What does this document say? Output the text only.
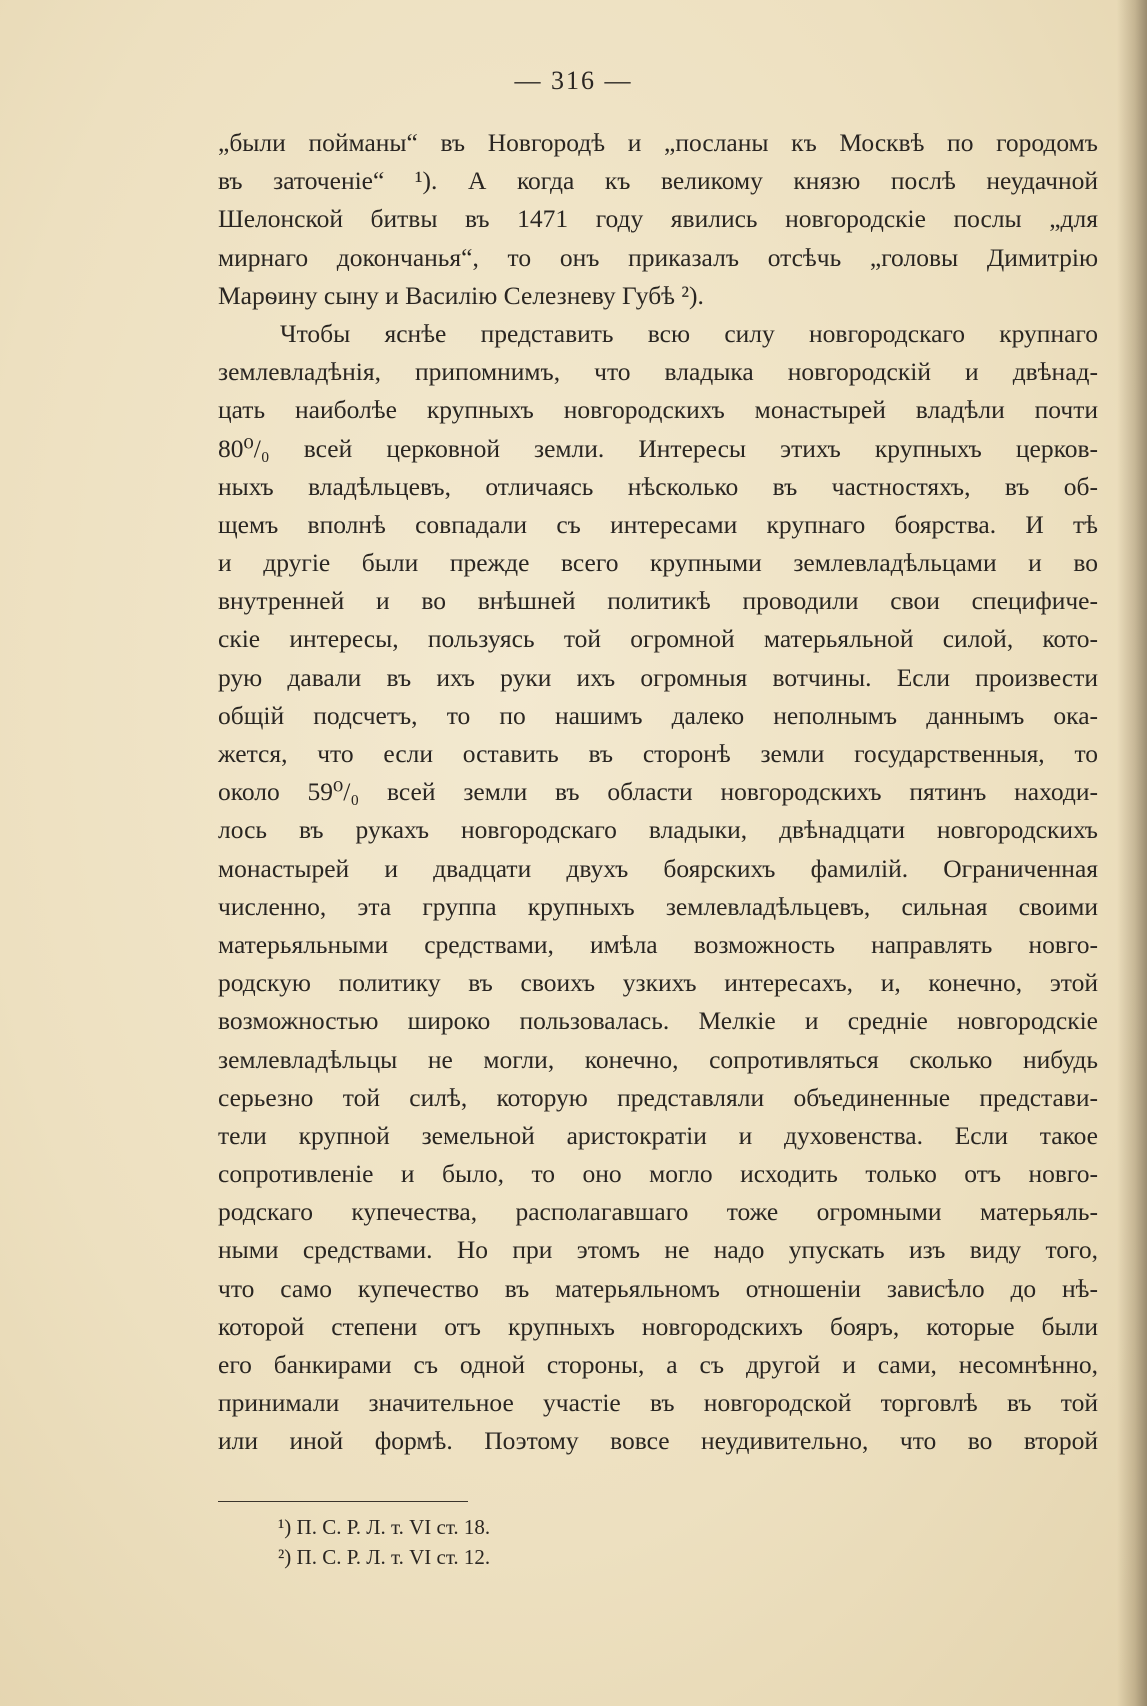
— 316 —
„были пойманы“ въ Новгородѣ и „посланы къ Москвѣ по городомъ
въ заточеніе“ ¹). А когда къ великому князю послѣ неудачной
Шелонской битвы въ 1471 году явились новгородскіе послы „для
мирнаго докончанья“, то онъ приказалъ отсѣчь „головы Димитрію
Марѳину сыну и Василію Селезневу Губѣ ²).
Чтобы яснѣе представить всю силу новгородскаго крупнаго
землевладѣнія, припомнимъ, что владыка новгородскій и двѣнад-
цать наиболѣе крупныхъ новгородскихъ монастырей владѣли почти
80⁰/₀ всей церковной земли. Интересы этихъ крупныхъ церков-
ныхъ владѣльцевъ, отличаясь нѣсколько въ частностяхъ, въ об-
щемъ вполнѣ совпадали съ интересами крупнаго боярства. И тѣ
и другіе были прежде всего крупными землевладѣльцами и во
внутренней и во внѣшней политикѣ проводили свои специфиче-
скіе интересы, пользуясь той огромной матерьяльной силой, кото-
рую давали въ ихъ руки ихъ огромныя вотчины. Если произвести
общій подсчетъ, то по нашимъ далеко неполнымъ даннымъ ока-
жется, что если оставить въ сторонѣ земли государственныя, то
около 59⁰/₀ всей земли въ области новгородскихъ пятинъ находи-
лось въ рукахъ новгородскаго владыки, двѣнадцати новгородскихъ
монастырей и двадцати двухъ боярскихъ фамилій. Ограниченная
численно, эта группа крупныхъ землевладѣльцевъ, сильная своими
матерьяльными средствами, имѣла возможность направлять новго-
родскую политику въ своихъ узкихъ интересахъ, и, конечно, этой
возможностью широко пользовалась. Мелкіе и средніе новгородскіе
землевладѣльцы не могли, конечно, сопротивляться сколько нибудь
серьезно той силѣ, которую представляли объединенные представи-
тели крупной земельной аристократіи и духовенства. Если такое
сопротивленіе и было, то оно могло исходить только отъ новго-
родскаго купечества, располагавшаго тоже огромными матерьяль-
ными средствами. Но при этомъ не надо упускать изъ виду того,
что само купечество въ матерьяльномъ отношеніи зависѣло до нѣ-
которой степени отъ крупныхъ новгородскихъ бояръ, которые были
его банкирами съ одной стороны, а съ другой и сами, несомнѣнно,
принимали значительное участіе въ новгородской торговлѣ въ той
или иной формѣ. Поэтому вовсе неудивительно, что во второй
¹) П. С. Р. Л. т. VI ст. 18.
²) П. С. Р. Л. т. VI ст. 12.
